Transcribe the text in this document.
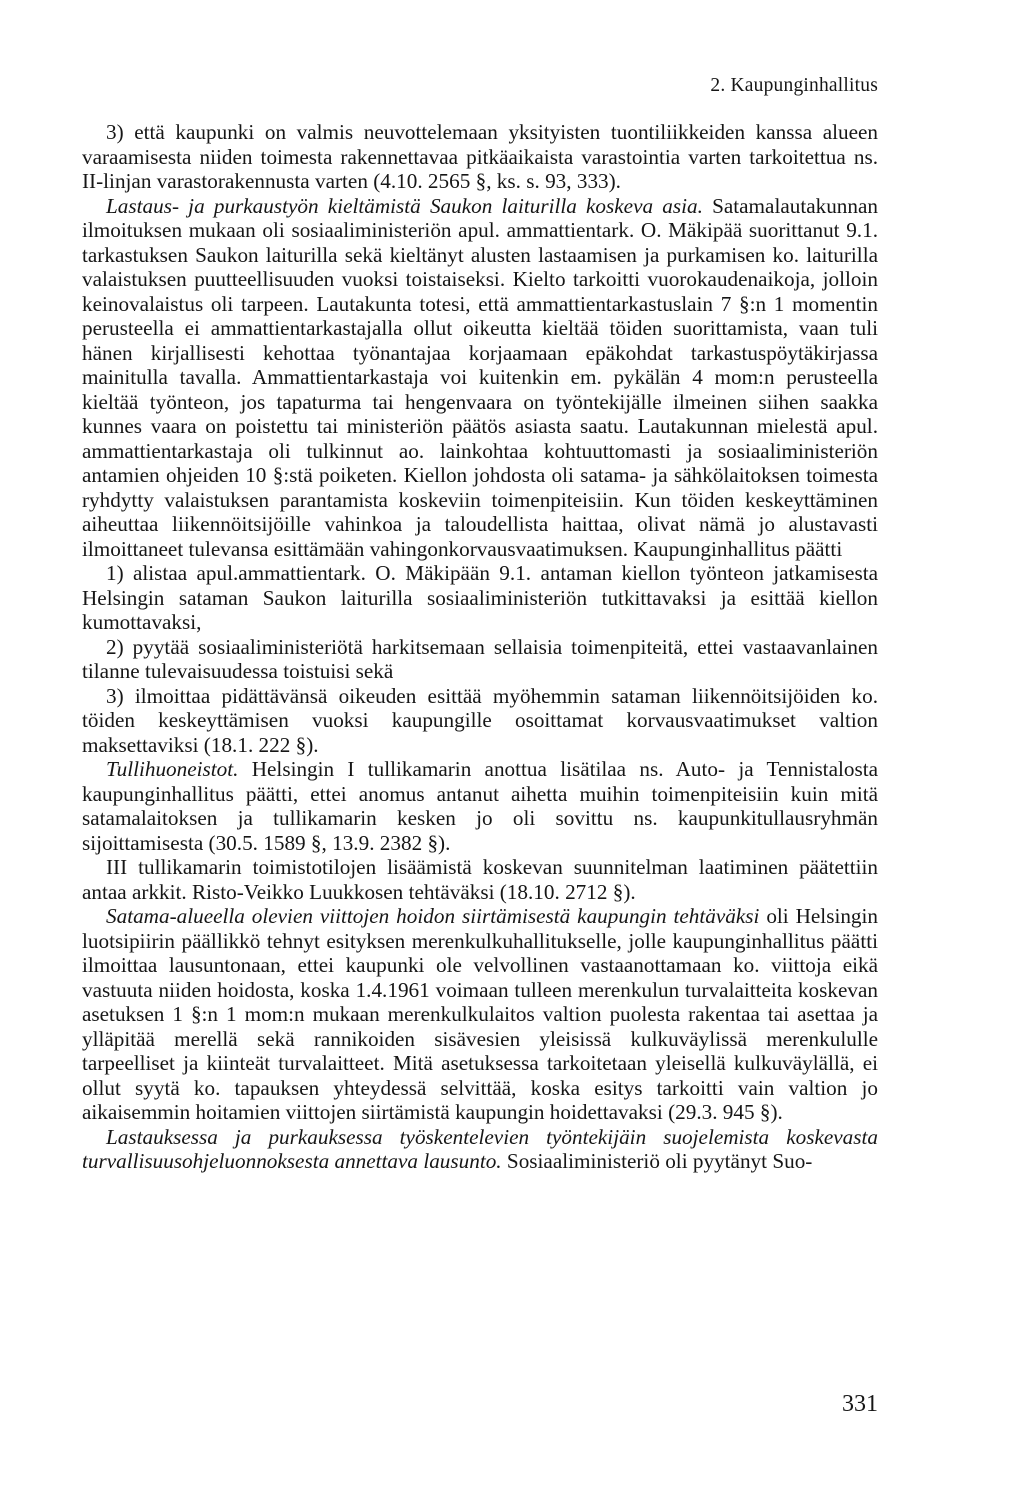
2. Kaupunginhallitus

3) että kaupunki on valmis neuvottelemaan yksityisten tuontiliikkeiden kanssa alueen varaamisesta niiden toimesta rakennettavaa pitkäaikaista varastointia varten tarkoitettua ns. II-linjan varastorakennusta varten (4.10. 2565 §, ks. s. 93, 333).

Lastaus- ja purkaustyön kieltämistä Saukon laiturilla koskeva asia. Satamalautakunnan ilmoituksen mukaan oli sosiaaliministeriön apul. ammattientark. O. Mäkipää suorittanut 9.1. tarkastuksen Saukon laiturilla sekä kieltänyt alusten lastaamisen ja purkamisen ko. laiturilla valaistuksen puutteellisuuden vuoksi toistaiseksi. Kielto tarkoitti vuorokaudenaikoja, jolloin keinovalaistus oli tarpeen. Lautakunta totesi, että ammattientarkastuslain 7 §:n 1 momentin perusteella ei ammattientarkastajalla ollut oikeutta kieltää töiden suorittamista, vaan tuli hänen kirjallisesti kehottaa työnantajaa korjaamaan epäkohdat tarkastuspöytäkirjassa mainitulla tavalla. Ammattientarkastaja voi kuitenkin em. pykälän 4 mom:n perusteella kieltää työnteon, jos tapaturma tai hengenvaara on työntekijälle ilmeinen siihen saakka kunnes vaara on poistettu tai ministeriön päätös asiasta saatu. Lautakunnan mielestä apul. ammattientarkastaja oli tulkinnut ao. lainkohtaa kohtuuttomasti ja sosiaaliministeriön antamien ohjeiden 10 §:stä poiketen. Kiellon johdosta oli satama- ja sähkölaitoksen toimesta ryhdytty valaistuksen parantamista koskeviin toimenpiteisiin. Kun töiden keskeyttäminen aiheuttaa liikennöitsijöille vahinkoa ja taloudellista haittaa, olivat nämä jo alustavasti ilmoittaneet tulevansa esittämään vahingonkorvausvaatimuksen. Kaupunginhallitus päätti

1) alistaa apul.ammattientark. O. Mäkipään 9.1. antaman kiellon työnteon jatkamisesta Helsingin sataman Saukon laiturilla sosiaaliministeriön tutkittavaksi ja esittää kiellon kumottavaksi,

2) pyytää sosiaaliministeriötä harkitsemaan sellaisia toimenpiteitä, ettei vastaavanlainen tilanne tulevaisuudessa toistuisi sekä

3) ilmoittaa pidättävänsä oikeuden esittää myöhemmin sataman liikennöitsijöiden ko. töiden keskeyttämisen vuoksi kaupungille osoittamat korvausvaatimukset valtion maksettaviksi (18.1. 222 §).

Tullihuoneistot. Helsingin I tullikamarin anottua lisätilaa ns. Auto- ja Tennistalosta kaupunginhallitus päätti, ettei anomus antanut aihetta muihin toimenpiteisiin kuin mitä satamalaitoksen ja tullikamarin kesken jo oli sovittu ns. kaupunkitullausryhmän sijoittamisesta (30.5. 1589 §, 13.9. 2382 §).

III tullikamarin toimistotilojen lisäämistä koskevan suunnitelman laatiminen päätettiin antaa arkkit. Risto-Veikko Luukkosen tehtäväksi (18.10. 2712 §).

Satama-alueella olevien viittojen hoidon siirtämisestä kaupungin tehtäväksi oli Helsingin luotsipiirin päällikkö tehnyt esityksen merenkulkuhallitukselle, jolle kaupunginhallitus päätti ilmoittaa lausuntonaan, ettei kaupunki ole velvollinen vastaanottamaan ko. viittoja eikä vastuuta niiden hoidosta, koska 1.4.1961 voimaan tulleen merenkulun turvalaitteita koskevan asetuksen 1 §:n 1 mom:n mukaan merenkulkulaitos valtion puolesta rakentaa tai asettaa ja ylläpitää merellä sekä rannikoiden sisävesien yleisissä kulkuväylissä merenkululle tarpeelliset ja kiinteät turvalaitteet. Mitä asetuksessa tarkoitetaan yleisellä kulkuväylällä, ei ollut syytä ko. tapauksen yhteydessä selvittää, koska esitys tarkoitti vain valtion jo aikaisemmin hoitamien viittojen siirtämistä kaupungin hoidettavaksi (29.3. 945 §).

Lastauksessa ja purkauksessa työskentelevien työntekijäin suojelemista koskevasta turvallisuusohjeluonnoksesta annettava lausunto. Sosiaaliministeriö oli pyytänyt Suo-

331
